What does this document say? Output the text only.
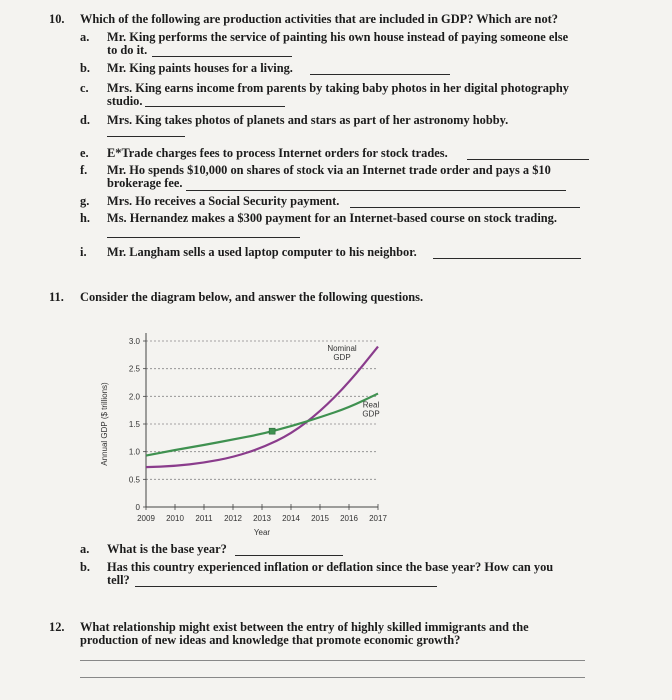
10. Which of the following are production activities that are included in GDP? Which are not?
a. Mr. King performs the service of painting his own house instead of paying someone else
to do it.
b. Mr. King paints houses for a living.
c. Mrs. King earns income from parents by taking baby photos in her digital photography
studio.
d. Mrs. King takes photos of planets and stars as part of her astronomy hobby.
e. E*Trade charges fees to process Internet orders for stock trades.
f. Mr. Ho spends $10,000 on shares of stock via an Internet trade order and pays a $10
brokerage fee.
g. Mrs. Ho receives a Social Security payment.
h. Ms. Hernandez makes a $300 payment for an Internet-based course on stock trading.
i. Mr. Langham sells a used laptop computer to his neighbor.
11. Consider the diagram below, and answer the following questions.
0
0.5
1.0
1.5
2.0
2.5
3.0
2009 2010 2011 2012 2013 2014 2015 2016 2017
Year
Annual GDP ($ trillions)
Nominal
GDP
Real
GDP
a. What is the base year?
b. Has this country experienced inflation or deflation since the base year? How can you
tell?
12. What relationship might exist between the entry of highly skilled immigrants and the
production of new ideas and knowledge that promote economic growth?
